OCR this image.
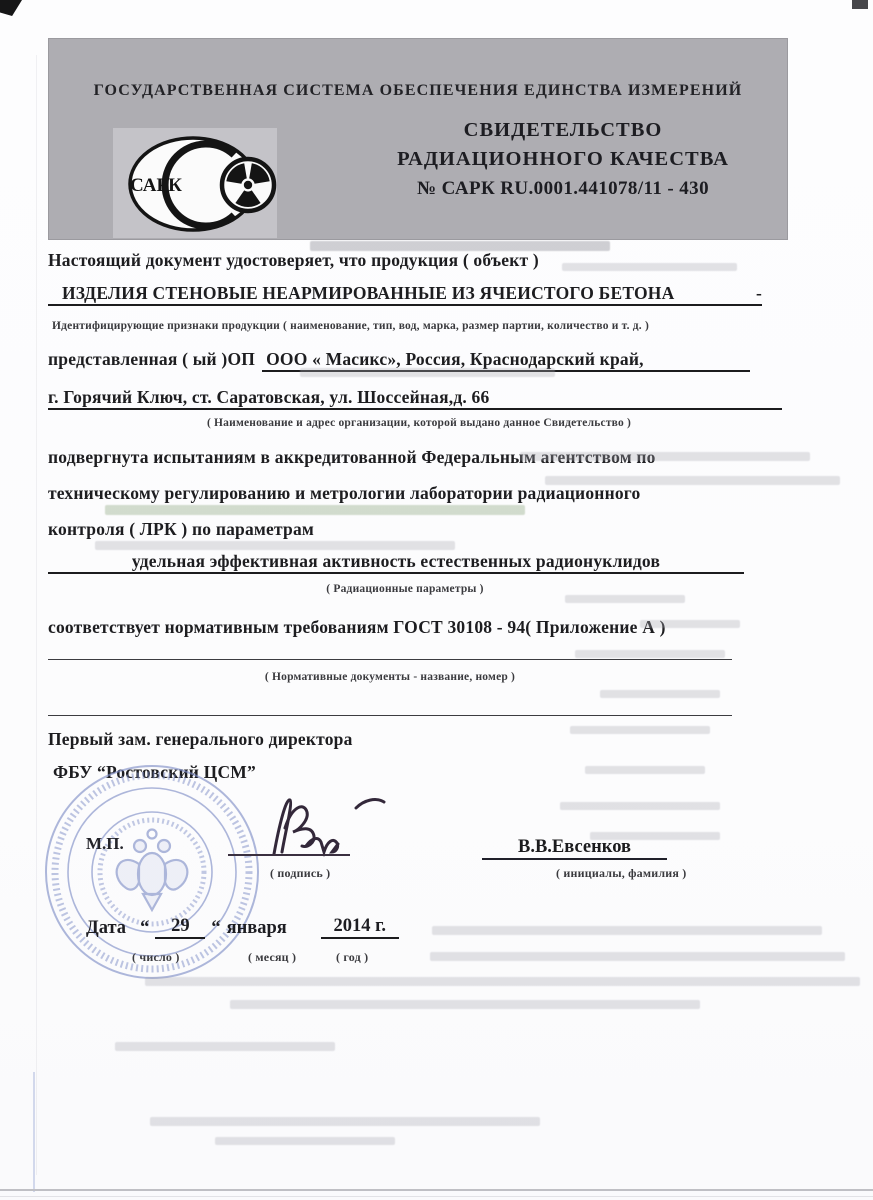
ГОСУДАРСТВЕННАЯ СИСТЕМА ОБЕСПЕЧЕНИЯ ЕДИНСТВА ИЗМЕРЕНИЙ
САРК
СВИДЕТЕЛЬСТВО
РАДИАЦИОННОГО КАЧЕСТВА
№ САРК RU.0001.441078/11 - 430
Настоящий документ удостоверяет, что продукция ( объект )
ИЗДЕЛИЯ СТЕНОВЫЕ НЕАРМИРОВАННЫЕ ИЗ ЯЧЕИСТОГО БЕТОНА	-
Идентифицирующие признаки продукции ( наименование, тип, вод, марка, размер партии, количество и т. д. )
представленная ( ый )ОП ООО « Масикс», Россия, Краснодарский край,
г. Горячий Ключ, ст. Саратовская, ул. Шоссейная,д. 66
( Наименование и адрес организации, которой выдано данное Свидетельство )
подвергнута испытаниям в аккредитованной Федеральным агентством по
техническому регулированию и метрологии лаборатории радиационного
контроля ( ЛРК ) по параметрам
удельная эффективная активность естественных радионуклидов
( Радиационные параметры )
соответствует нормативным требованиям ГОСТ 30108 - 94( Приложение А )
( Нормативные документы - название, номер )
Первый зам. генерального директора
ФБУ “Ростовский ЦСМ”
М.П.
( подпись )
В.В.Евсенков
( инициалы, фамилия )
Дата “	29	“ января	2014 г.
( число )	( месяц )	( год )
